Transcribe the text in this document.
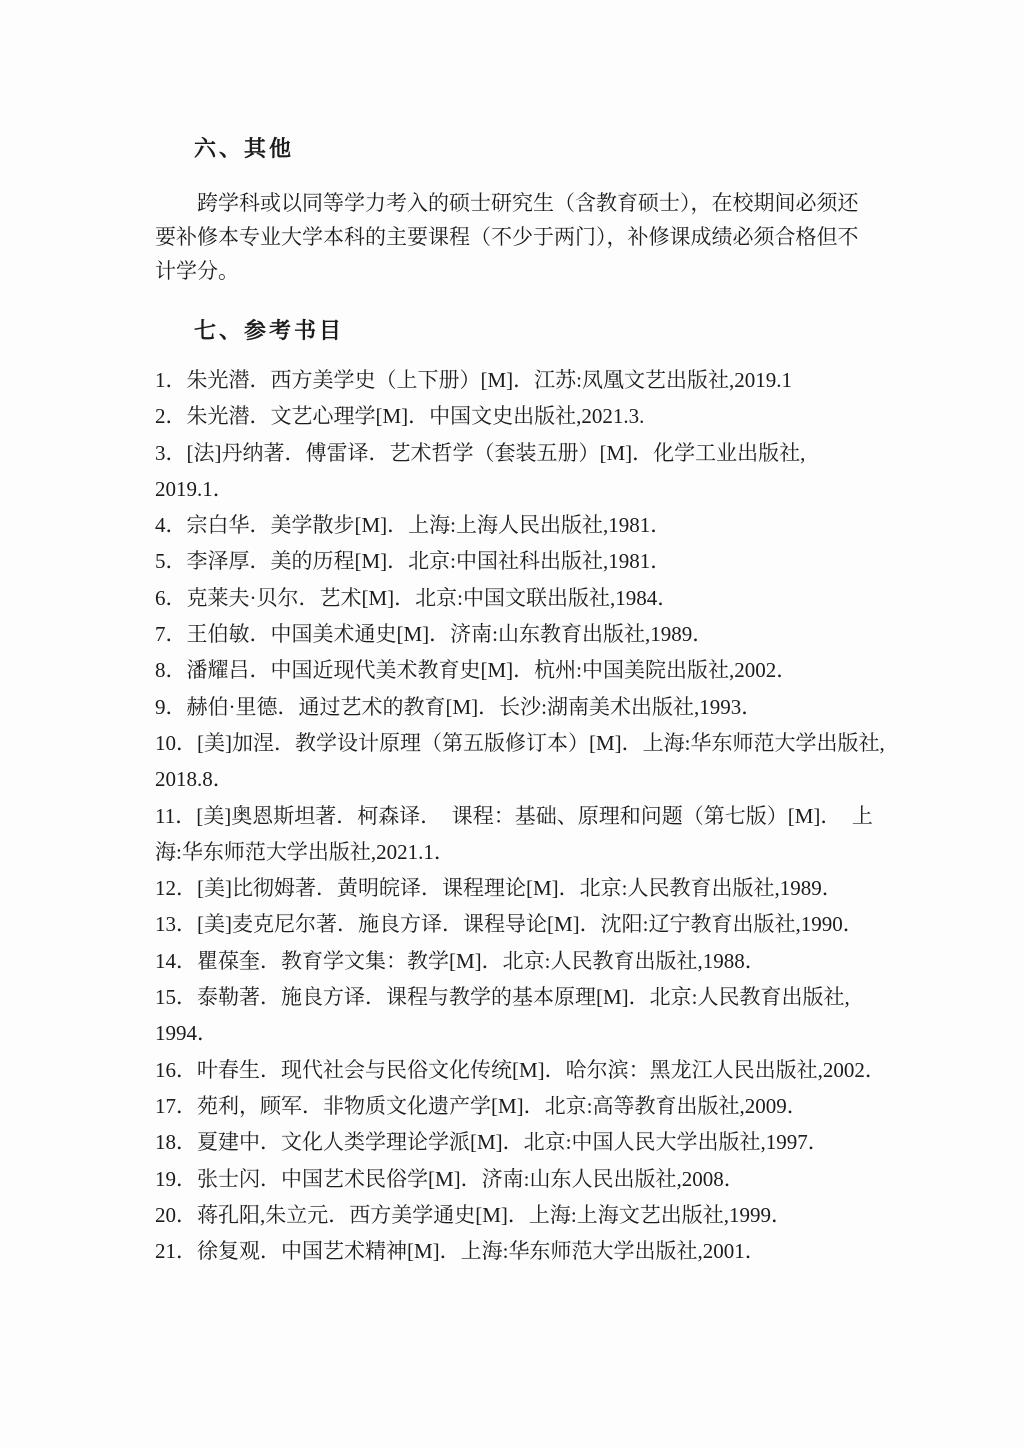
六、其他
跨学科或以同等学力考入的硕士研究生（含教育硕士），在校期间必须还
要补修本专业大学本科的主要课程（不少于两门），补修课成绩必须合格但不
计学分。
七、参考书目
1．朱光潜．西方美学史（上下册）[M]．江苏:凤凰文艺出版社,2019.1
2．朱光潜．文艺心理学[M]．中国文史出版社,2021.3.
3．[法]丹纳著．傅雷译．艺术哲学（套装五册）[M]．化学工业出版社,
2019.1．
4．宗白华．美学散步[M]．上海:上海人民出版社,1981．
5．李泽厚．美的历程[M]．北京:中国社科出版社,1981．
6．克莱夫·贝尔．艺术[M]．北京:中国文联出版社,1984．
7．王伯敏．中国美术通史[M]．济南:山东教育出版社,1989．
8．潘耀吕．中国近现代美术教育史[M]．杭州:中国美院出版社,2002．
9．赫伯·里德．通过艺术的教育[M]．长沙:湖南美术出版社,1993．
10．[美]加涅．教学设计原理（第五版修订本）[M]．上海:华东师范大学出版社,
2018.8．
11．[美]奥恩斯坦著．柯森译．　课程：基础、原理和问题（第七版）[M]．　上
海:华东师范大学出版社,2021.1．
12．[美]比彻姆著．黄明皖译．课程理论[M]．北京:人民教育出版社,1989．
13．[美]麦克尼尔著．施良方译．课程导论[M]．沈阳:辽宁教育出版社,1990．
14．瞿葆奎．教育学文集：教学[M]．北京:人民教育出版社,1988．
15．泰勒著．施良方译．课程与教学的基本原理[M]．北京:人民教育出版社,
1994．
16．叶春生．现代社会与民俗文化传统[M]．哈尔滨：黑龙江人民出版社,2002．
17．苑利，顾军．非物质文化遗产学[M]．北京:高等教育出版社,2009．
18．夏建中．文化人类学理论学派[M]．北京:中国人民大学出版社,1997．
19．张士闪．中国艺术民俗学[M]．济南:山东人民出版社,2008．
20．蒋孔阳,朱立元．西方美学通史[M]．上海:上海文艺出版社,1999．
21．徐复观．中国艺术精神[M]．上海:华东师范大学出版社,2001．
